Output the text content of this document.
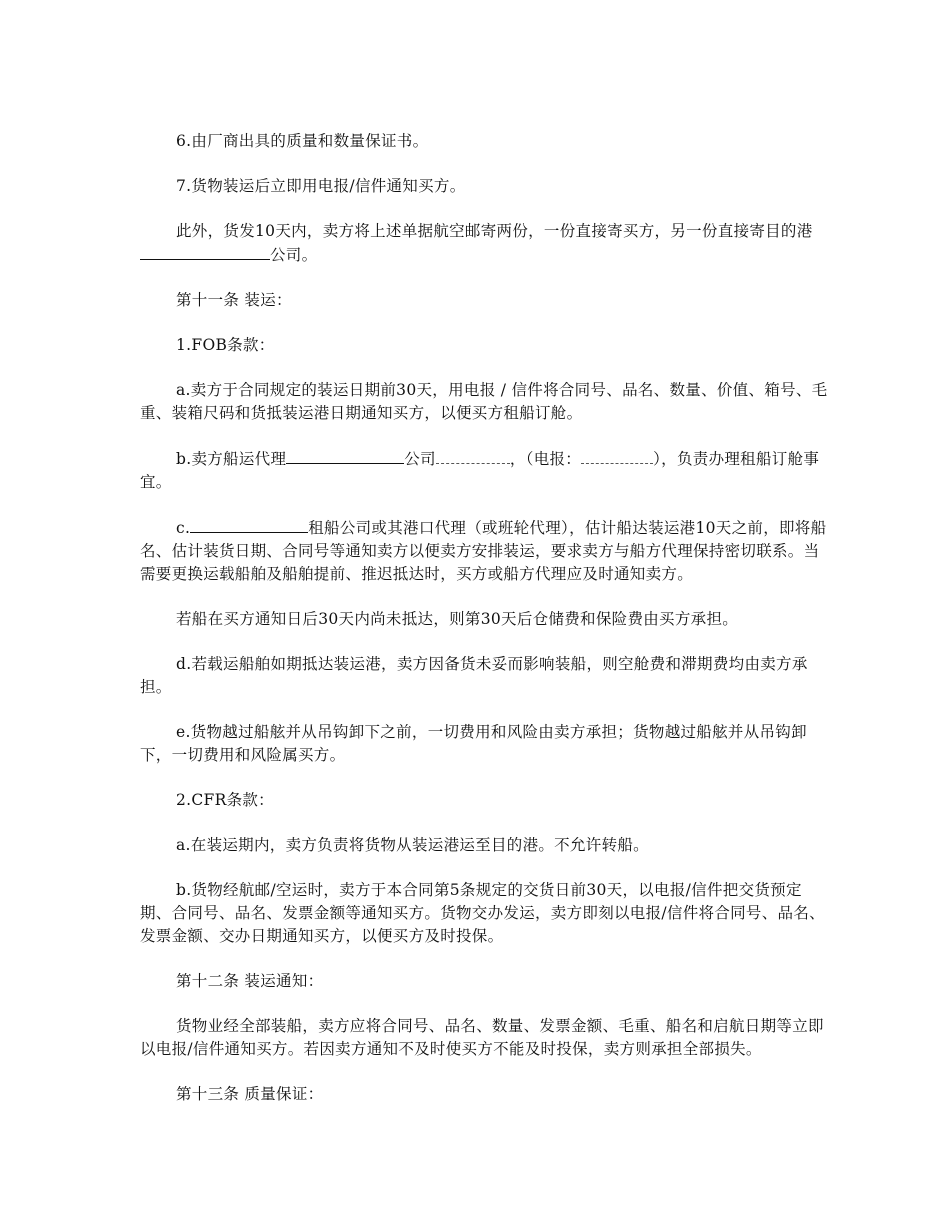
6.由厂商出具的质量和数量保证书。

7.货物装运后立即用电报/信件通知买方。

此外，货发10天内，卖方将上述单据航空邮寄两份，一份直接寄买方，另一份直接寄目的港公司。

第十一条 装运：

1.FOB条款：

a.卖方于合同规定的装运日期前30天，用电报 / 信件将合同号、品名、数量、价值、箱号、毛重、装箱尺码和货抵装运港日期通知买方，以便买方租船订舱。

b.卖方船运代理	公司	，（电报：	），负责办理租船订舱事宜。

c.	租船公司或其港口代理（或班轮代理），估计船达装运港10天之前，即将船名、估计装货日期、合同号等通知卖方以便卖方安排装运，要求卖方与船方代理保持密切联系。当需要更换运载船舶及船舶提前、推迟抵达时，买方或船方代理应及时通知卖方。

若船在买方通知日后30天内尚未抵达，则第30天后仓储费和保险费由买方承担。

d.若载运船舶如期抵达装运港，卖方因备货未妥而影响装船，则空舱费和滞期费均由卖方承担。

e.货物越过船舷并从吊钩卸下之前，一切费用和风险由卖方承担；货物越过船舷并从吊钩卸下，一切费用和风险属买方。

2.CFR条款：

a.在装运期内，卖方负责将货物从装运港运至目的港。不允许转船。

b.货物经航邮/空运时，卖方于本合同第5条规定的交货日前30天，以电报/信件把交货预定期、合同号、品名、发票金额等通知买方。货物交办发运，卖方即刻以电报/信件将合同号、品名、发票金额、交办日期通知买方，以便买方及时投保。

第十二条 装运通知：

货物业经全部装船，卖方应将合同号、品名、数量、发票金额、毛重、船名和启航日期等立即以电报/信件通知买方。若因卖方通知不及时使买方不能及时投保，卖方则承担全部损失。

第十三条 质量保证：
